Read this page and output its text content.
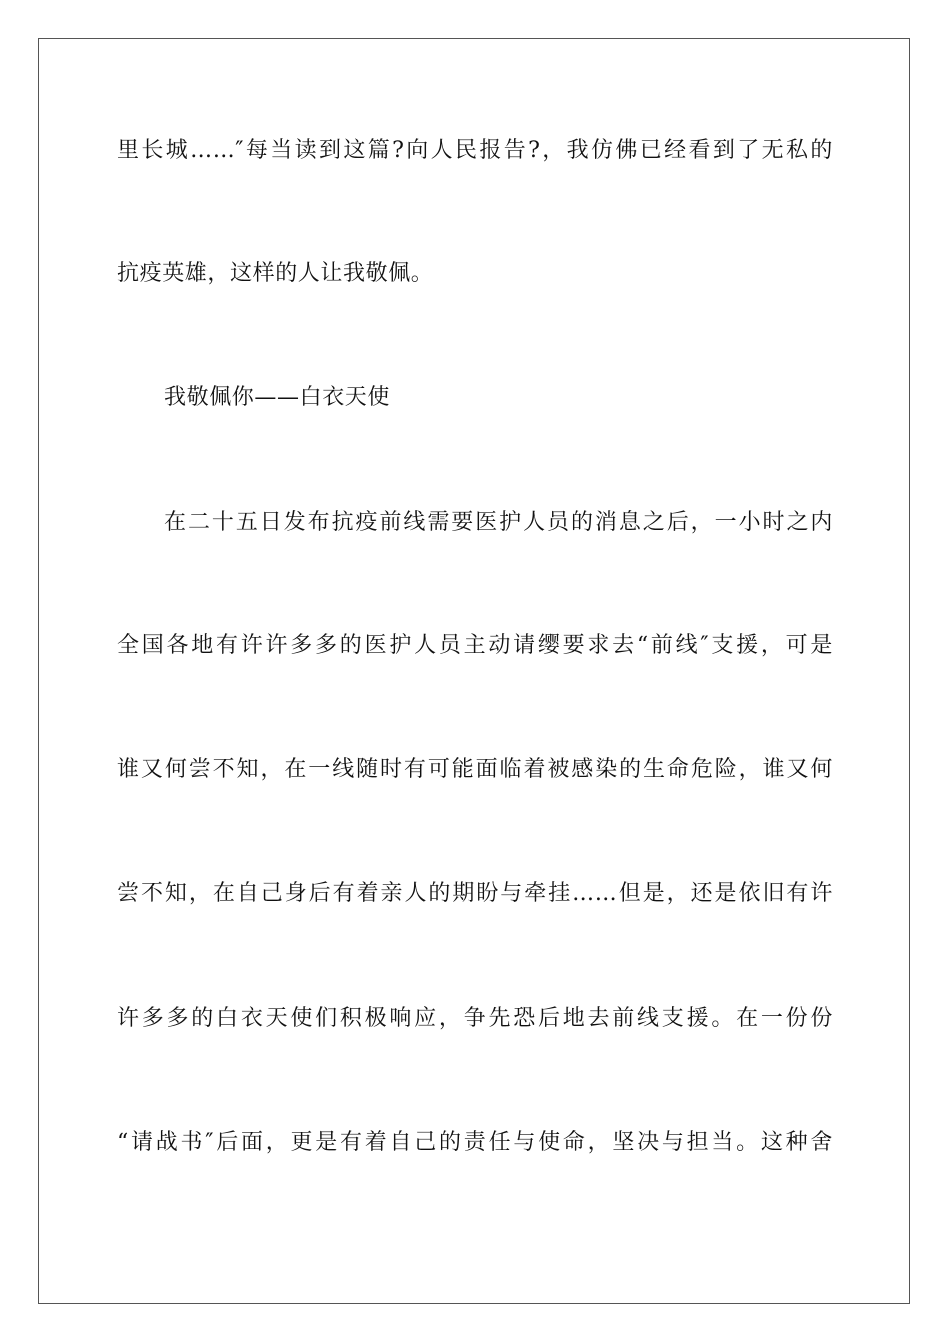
里长城……″每当读到这篇?向人民报告?，我仿佛已经看到了无私的
抗疫英雄，这样的人让我敬佩。
我敬佩你——白衣天使
在二十五日发布抗疫前线需要医护人员的消息之后，一小时之内
全国各地有许许多多的医护人员主动请缨要求去“前线″支援，可是
谁又何尝不知，在一线随时有可能面临着被感染的生命危险，谁又何
尝不知，在自己身后有着亲人的期盼与牵挂……但是，还是依旧有许
许多多的白衣天使们积极响应，争先恐后地去前线支援。在一份份
“请战书″后面，更是有着自己的责任与使命，坚决与担当。这种舍
